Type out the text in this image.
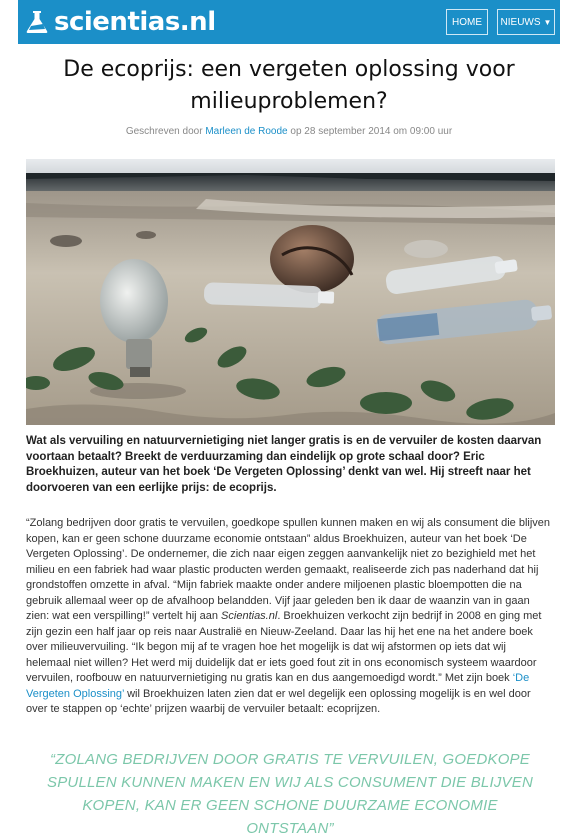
scientias.nl	HOME	NIEUWS ▼
De ecoprijs: een vergeten oplossing voor milieuproblemen?
Geschreven door Marleen de Roode op 28 september 2014 om 09:00 uur

Wat als vervuiling en natuurvernietiging niet langer gratis is en de vervuiler de kosten daarvan voortaan betaalt? Breekt de verduurzaming dan eindelijk op grote schaal door? Eric Broekhuizen, auteur van het boek ‘De Vergeten Oplossing’ denkt van wel. Hij streeft naar het doorvoeren van een eerlijke prijs: de ecoprijs.

“Zolang bedrijven door gratis te vervuilen, goedkope spullen kunnen maken en wij als consument die blijven kopen, kan er geen schone duurzame economie ontstaan” aldus Broekhuizen, auteur van het boek ‘De Vergeten Oplossing’. De ondernemer, die zich naar eigen zeggen aanvankelijk niet zo bezighield met het milieu en een fabriek had waar plastic producten werden gemaakt, realiseerde zich pas naderhand dat hij grondstoffen omzette in afval. “Mijn fabriek maakte onder andere miljoenen plastic bloempotten die na gebruik allemaal weer op de afvalhoop belandden. Vijf jaar geleden ben ik daar de waanzin van in gaan zien: wat een verspilling!” vertelt hij aan Scientias.nl. Broekhuizen verkocht zijn bedrijf in 2008 en ging met zijn gezin een half jaar op reis naar Australië en Nieuw-Zeeland. Daar las hij het ene na het andere boek over milieuvervuiling. “Ik begon mij af te vragen hoe het mogelijk is dat wij afstormen op iets dat wij helemaal niet willen? Het werd mij duidelijk dat er iets goed fout zit in ons economisch systeem waardoor vervuilen, roofbouw en natuurvernietiging nu gratis kan en dus aangemoedigd wordt.” Met zijn boek ‘De Vergeten Oplossing’ wil Broekhuizen laten zien dat er wel degelijk een oplossing mogelijk is en wel door over te stappen op ‘echte’ prijzen waarbij de vervuiler betaalt: ecoprijzen.

“ZOLANG BEDRIJVEN DOOR GRATIS TE VERVUILEN, GOEDKOPE SPULLEN KUNNEN MAKEN EN WIJ ALS CONSUMENT DIE BLIJVEN KOPEN, KAN ER GEEN SCHONE DUURZAME ECONOMIE ONTSTAAN”
